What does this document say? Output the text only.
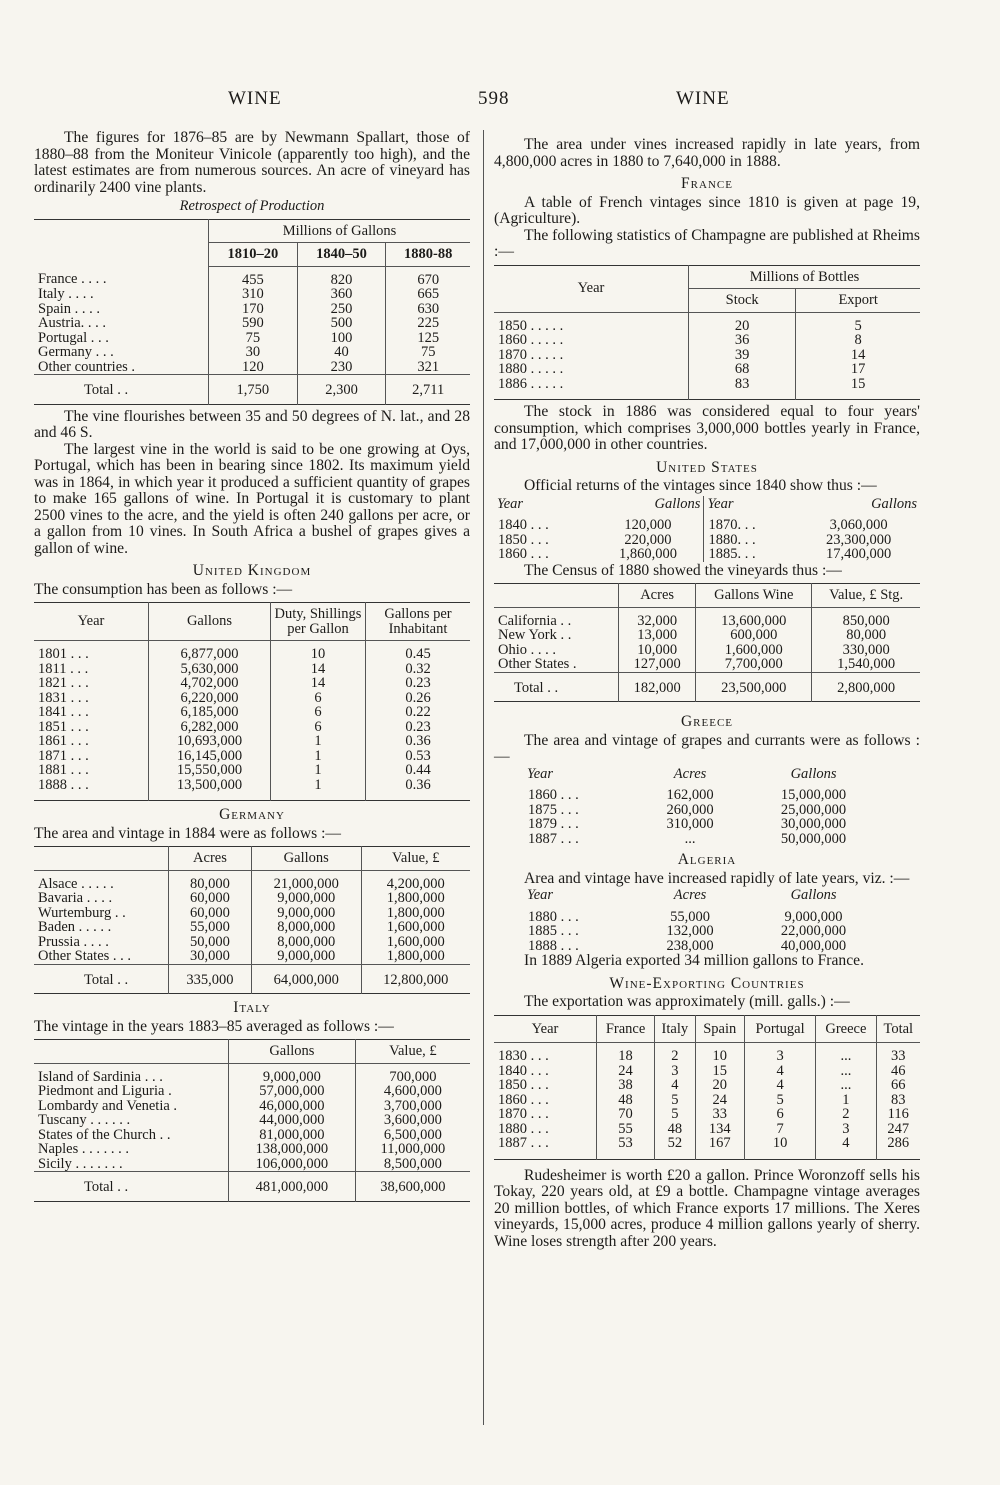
WINE	598	WINE

The figures for 1876–85 are by Newmann Spallart, those of 1880–88 from the Moniteur Vinicole (apparently too high), and the latest estimates are from numerous sources. An acre of vineyard has ordinarily 2400 vine plants.

Retrospect of Production
	Millions of Gallons		
	1810–20	1840–50	1880-88
France . . . .	455	820	670
Italy . . . .	310	360	665
Spain . . . .	170	250	630
Austria. . . .	590	500	225
Portugal . . .	75	100	125
Germany . . .	30	40	75
Other countries .	120	230	321
Total . .	1,750	2,300	2,711

The vine flourishes between 35 and 50 degrees of N. lat., and 28 and 46 S.

The largest vine in the world is said to be one growing at Oys, Portugal, which has been in bearing since 1802. Its maximum yield was in 1864, in which year it produced a sufficient quantity of grapes to make 165 gallons of wine. In Portugal it is customary to plant 2500 vines to the acre, and the yield is often 240 gallons per acre, or a gallon from 10 vines. In South Africa a bushel of grapes gives a gallon of wine.

United Kingdom

The consumption has been as follows :—

Year	Gallons	Duty, Shillings per Gallon	Gallons per Inhabitant
1801 . . .	6,877,000	10	0.45
1811 . . .	5,630,000	14	0.32
1821 . . .	4,702,000	14	0.23
1831 . . .	6,220,000	6	0.26
1841 . . .	6,185,000	6	0.22
1851 . . .	6,282,000	6	0.23
1861 . . .	10,693,000	1	0.36
1871 . . .	16,145,000	1	0.53
1881 . . .	15,550,000	1	0.44
1888 . . .	13,500,000	1	0.36
Germany

The area and vintage in 1884 were as follows :—

	Acres	Gallons	Value, £
Alsace . . . . .	80,000	21,000,000	4,200,000
Bavaria . . . .	60,000	9,000,000	1,800,000
Wurtemburg . .	60,000	9,000,000	1,800,000
Baden . . . . .	55,000	8,000,000	1,600,000
Prussia . . . .	50,000	8,000,000	1,600,000
Other States . . .	30,000	9,000,000	1,800,000
Total . .	335,000	64,000,000	12,800,000
Italy

The vintage in the years 1883–85 averaged as follows :—

	Gallons	Value, £
Island of Sardinia . . .	9,000,000	700,000
Piedmont and Liguria .	57,000,000	4,600,000
Lombardy and Venetia .	46,000,000	3,700,000
Tuscany . . . . . .	44,000,000	3,600,000
States of the Church . .	81,000,000	6,500,000
Naples . . . . . . .	138,000,000	11,000,000
Sicily . . . . . . .	106,000,000	8,500,000
Total . .	481,000,000	38,600,000

The area under vines increased rapidly in late years, from 4,800,000 acres in 1880 to 7,640,000 in 1888.

France

A table of French vintages since 1810 is given at page 19, (Agriculture).

The following statistics of Champagne are published at Rheims :—

Year	Millions of Bottles	
	Stock	Export
1850 . . . . .	20	5
1860 . . . . .	36	8
1870 . . . . .	39	14
1880 . . . . .	68	17
1886 . . . . .	83	15

The stock in 1886 was considered equal to four years' consumption, which comprises 3,000,000 bottles yearly in France, and 17,000,000 in other countries.

United States

Official returns of the vintages since 1840 show thus :—

Year	Gallons	Year	Gallons
1840 . . .	120,000	1870. . .	3,060,000
1850 . . .	220,000	1880. . .	23,300,000
1860 . . .	1,860,000	1885. . .	17,400,000

The Census of 1880 showed the vineyards thus :—

	Acres	Gallons Wine	Value, £ Stg.
California . .	32,000	13,600,000	850,000
New York . .	13,000	600,000	80,000
Ohio . . . .	10,000	1,600,000	330,000
Other States .	127,000	7,700,000	1,540,000
Total . .	182,000	23,500,000	2,800,000
Greece

The area and vintage of grapes and currants were as follows :—

Year	Acres	Gallons
1860 . . .	162,000	15,000,000
1875 . . .	260,000	25,000,000
1879 . . .	310,000	30,000,000
1887 . . .	...	50,000,000
Algeria

Area and vintage have increased rapidly of late years, viz. :—

Year	Acres	Gallons
1880 . . .	55,000	9,000,000
1885 . . .	132,000	22,000,000
1888 . . .	238,000	40,000,000

In 1889 Algeria exported 34 million gallons to France.

Wine-Exporting Countries

The exportation was approximately (mill. galls.) :—

Year	France	Italy	Spain	Portugal	Greece	Total
1830 . . .	18	2	10	3	...	33
1840 . . .	24	3	15	4	...	46
1850 . . .	38	4	20	4	...	66
1860 . . .	48	5	24	5	1	83
1870 . . .	70	5	33	6	2	116
1880 . . .	55	48	134	7	3	247
1887 . . .	53	52	167	10	4	286

Rudesheimer is worth £20 a gallon. Prince Woronzoff sells his Tokay, 220 years old, at £9 a bottle. Champagne vintage averages 20 million bottles, of which France exports 17 millions. The Xeres vineyards, 15,000 acres, produce 4 million gallons yearly of sherry. Wine loses strength after 200 years.
